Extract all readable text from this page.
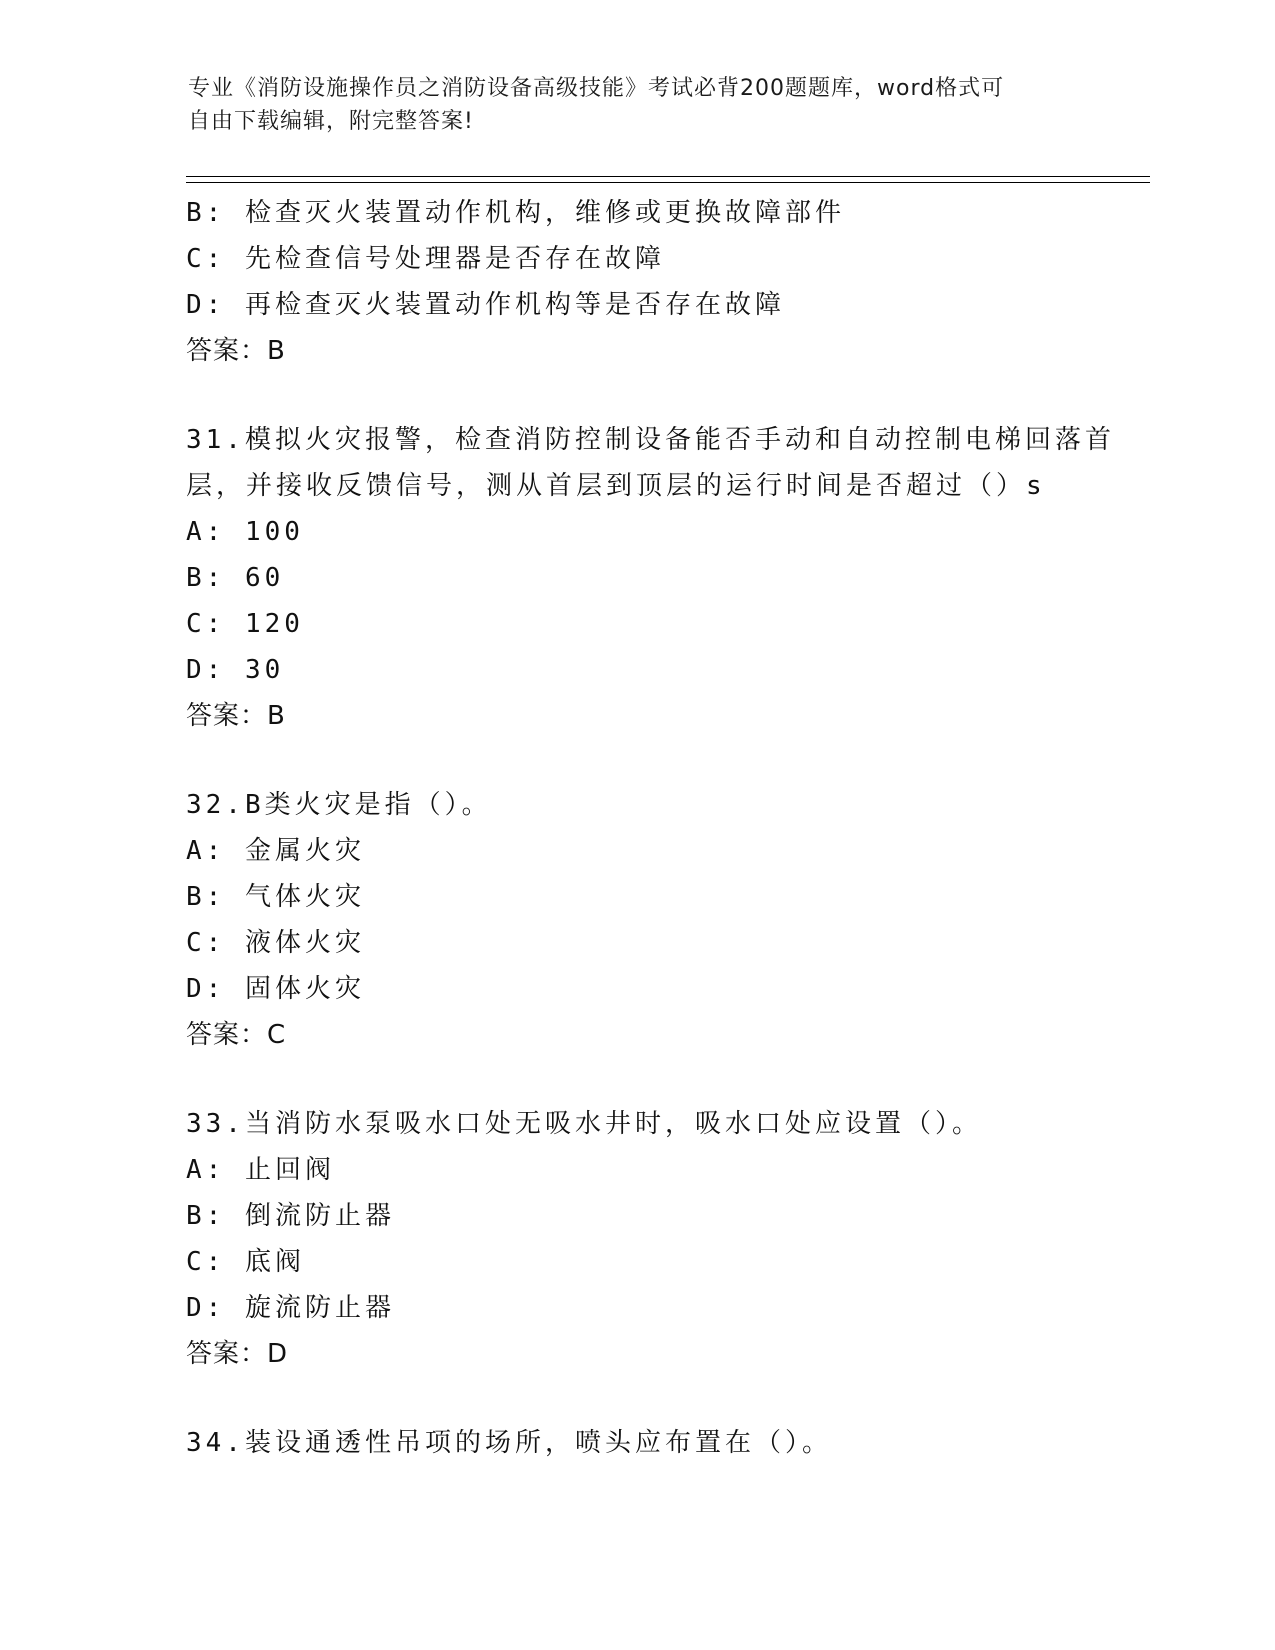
专业《消防设施操作员之消防设备高级技能》考试必背200题题库，word格式可
自由下载编辑，附完整答案!
B: 检查灭火装置动作机构，维修或更换故障部件
C: 先检查信号处理器是否存在故障
D: 再检查灭火装置动作机构等是否存在故障
答案：B
31.模拟火灾报警，检查消防控制设备能否手动和自动控制电梯回落首
层，并接收反馈信号，测从首层到顶层的运行时间是否超过（）s
A: 100
B: 60
C: 120
D: 30
答案：B
32.B类火灾是指（）。
A: 金属火灾
B: 气体火灾
C: 液体火灾
D: 固体火灾
答案：C
33.当消防水泵吸水口处无吸水井时，吸水口处应设置（）。
A: 止回阀
B: 倒流防止器
C: 底阀
D: 旋流防止器
答案：D
34.装设通透性吊项的场所，喷头应布置在（）。
